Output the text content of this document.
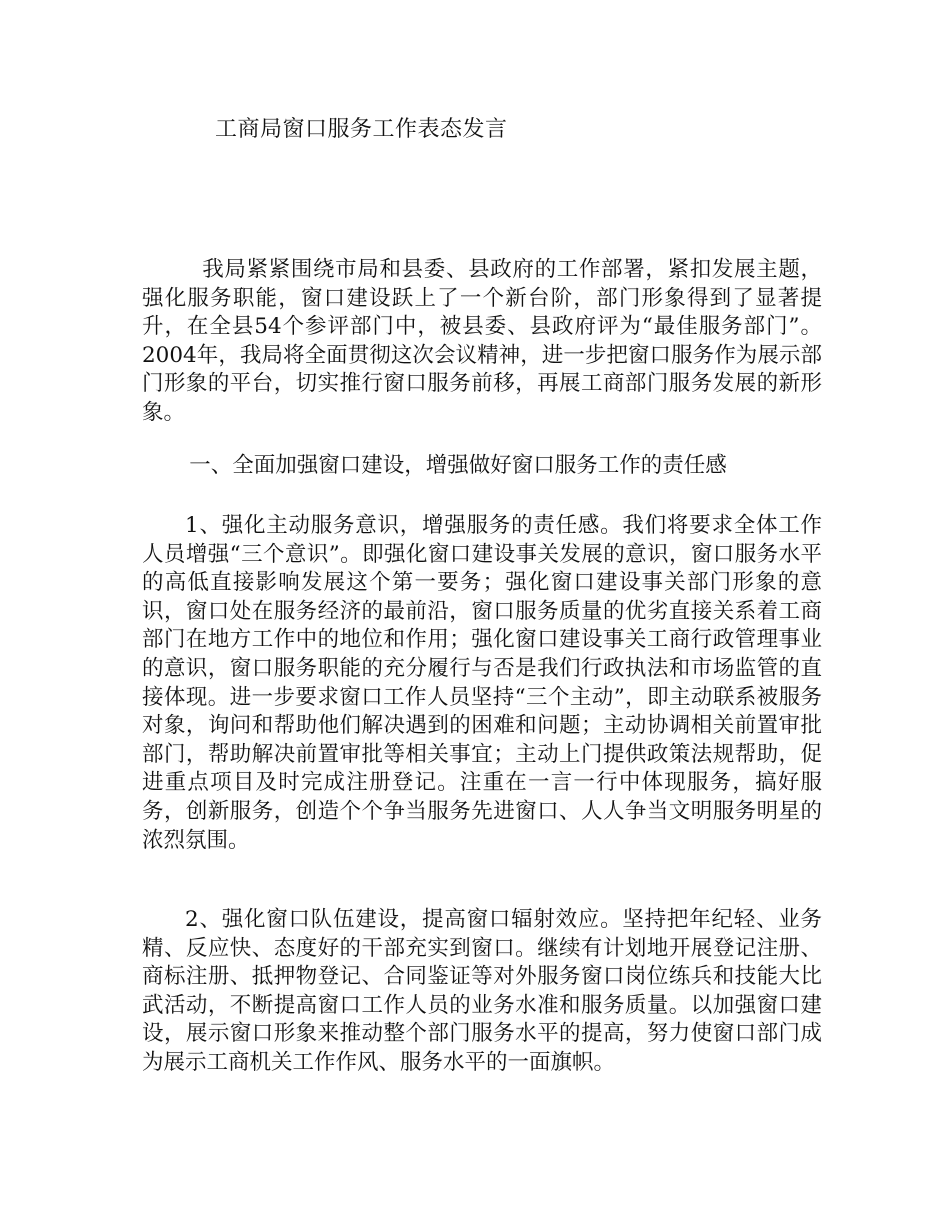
工商局窗口服务工作表态发言
我局紧紧围绕市局和县委、县政府的工作部署，紧扣发展主题，强化服务职能，窗口建设跃上了一个新台阶，部门形象得到了显著提升，在全县54个参评部门中，被县委、县政府评为“最佳服务部门”。2004年，我局将全面贯彻这次会议精神，进一步把窗口服务作为展示部门形象的平台，切实推行窗口服务前移，再展工商部门服务发展的新形象。
一、全面加强窗口建设，增强做好窗口服务工作的责任感
1、强化主动服务意识，增强服务的责任感。我们将要求全体工作人员增强“三个意识”。即强化窗口建设事关发展的意识，窗口服务水平的高低直接影响发展这个第一要务；强化窗口建设事关部门形象的意识，窗口处在服务经济的最前沿，窗口服务质量的优劣直接关系着工商部门在地方工作中的地位和作用；强化窗口建设事关工商行政管理事业的意识，窗口服务职能的充分履行与否是我们行政执法和市场监管的直接体现。进一步要求窗口工作人员坚持“三个主动”，即主动联系被服务对象，询问和帮助他们解决遇到的困难和问题；主动协调相关前置审批部门，帮助解决前置审批等相关事宜；主动上门提供政策法规帮助，促进重点项目及时完成注册登记。注重在一言一行中体现服务，搞好服务，创新服务，创造个个争当服务先进窗口、人人争当文明服务明星的浓烈氛围。
2、强化窗口队伍建设，提高窗口辐射效应。坚持把年纪轻、业务精、反应快、态度好的干部充实到窗口。继续有计划地开展登记注册、商标注册、抵押物登记、合同鉴证等对外服务窗口岗位练兵和技能大比武活动，不断提高窗口工作人员的业务水准和服务质量。以加强窗口建设，展示窗口形象来推动整个部门服务水平的提高，努力使窗口部门成为展示工商机关工作作风、服务水平的一面旗帜。
